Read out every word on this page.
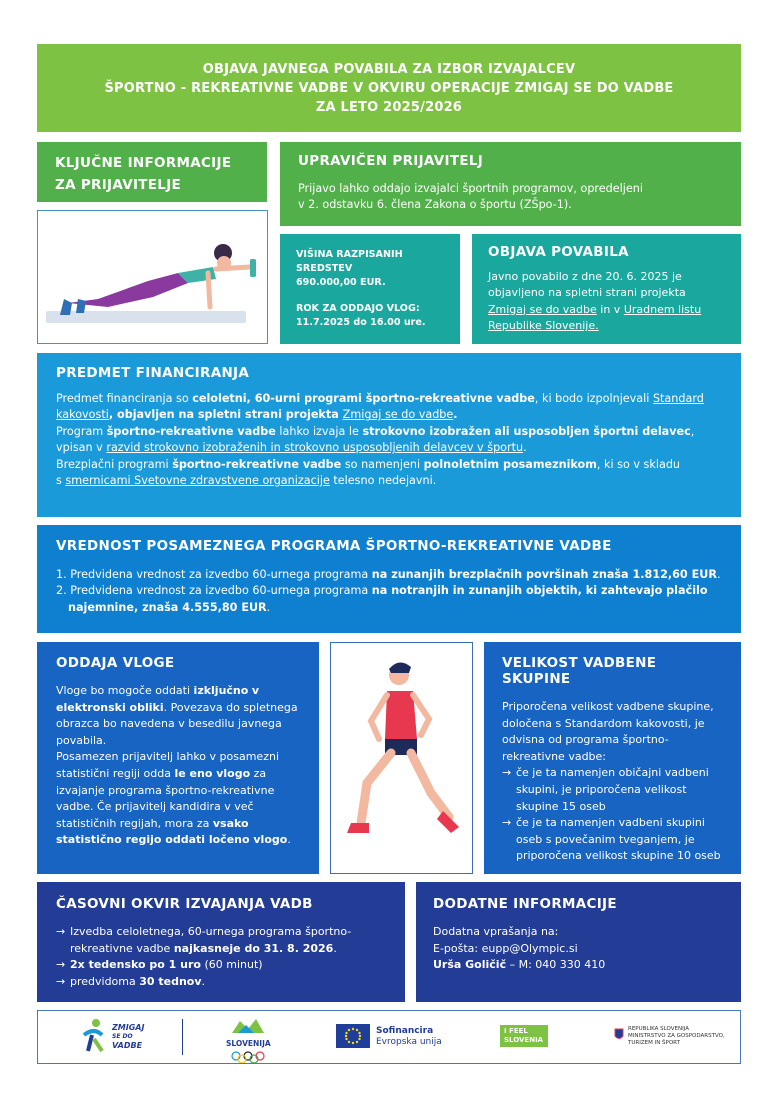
OBJAVA JAVNEGA POVABILA ZA IZBOR IZVAJALCEV
ŠPORTNO - REKREATIVNE VADBE V OKVIRU OPERACIJE ZMIGAJ SE DO VADBE
ZA LETO 2025/2026
KLJUČNE INFORMACIJE
ZA PRIJAVITELJE
UPRAVIČEN PRIJAVITELJ
Prijavo lahko oddajo izvajalci športnih programov, opredeljeni
v 2. odstavku 6. člena Zakona o športu (ZŠpo-1).
VIŠINA RAZPISANIH
SREDSTEV
690.000,00 EUR.
ROK ZA ODDAJO VLOG:
11.7.2025 do 16.00 ure.
OBJAVA POVABILA
Javno povabilo z dne 20. 6. 2025 je
objavljeno na spletni strani projekta
Zmigaj se do vadbe in v Uradnem listu
Republike Slovenije.
PREDMET FINANCIRANJA
Predmet financiranja so celoletni, 60-urni programi športno-rekreativne vadbe, ki bodo izpolnjevali Standard
kakovosti, objavljen na spletni strani projekta Zmigaj se do vadbe.
Program športno-rekreativne vadbe lahko izvaja le strokovno izobražen ali usposobljen športni delavec,
vpisan v razvid strokovno izobraženih in strokovno usposobljenih delavcev v športu.
Brezplačni programi športno-rekreativne vadbe so namenjeni polnoletnim posameznikom, ki so v skladu
s smernicami Svetovne zdravstvene organizacije telesno nedejavni.
VREDNOST POSAMEZNEGA PROGRAMA ŠPORTNO-REKREATIVNE VADBE
1. Predvidena vrednost za izvedbo 60-urnega programa na zunanjih brezplačnih površinah znaša 1.812,60 EUR.
2. Predvidena vrednost za izvedbo 60-urnega programa na notranjih in zunanjih objektih, ki zahtevajo plačilo najemnine, znaša 4.555,80 EUR.
ODDAJA VLOGE
Vloge bo mogoče oddati izključno v elektronski obliki. Povezava do spletnega obrazca bo navedena v besedilu javnega povabila.
Posamezen prijavitelj lahko v posamezni statistični regiji odda le eno vlogo za izvajanje programa športno-rekreativne vadbe. Če prijavitelj kandidira v več statističnih regijah, mora za vsako statistično regijo oddati ločeno vlogo.
VELIKOST VADBENE SKUPINE
Priporočena velikost vadbene skupine, določena s Standardom kakovosti, je odvisna od programa športno-rekreativne vadbe:
→ če je ta namenjen običajni vadbeni skupini, je priporočena velikost skupine 15 oseb
→ če je ta namenjen vadbeni skupini oseb s povečanim tveganjem, je priporočena velikost skupine 10 oseb
ČASOVNI OKVIR IZVAJANJA VADB
→ Izvedba celoletnega, 60-urnega programa športno-rekreativne vadbe najkasneje do 31. 8. 2026.
→ 2x tedensko po 1 uro (60 minut)
→ predvidoma 30 tednov.
DODATNE INFORMACIJE
Dodatna vprašanja na:
E-pošta: eupp@Olympic.si
Urša Goličič – M: 040 330 410
ZMIGAJ
SE DO
VADBE	SLOVENIJA
Sofinancira
Evropska unija
I FEEL
SLOVENIA
REPUBLIKA SLOVENIJA
MINISTRSTVO ZA GOSPODARSTVO,
TURIZEM IN ŠPORT
